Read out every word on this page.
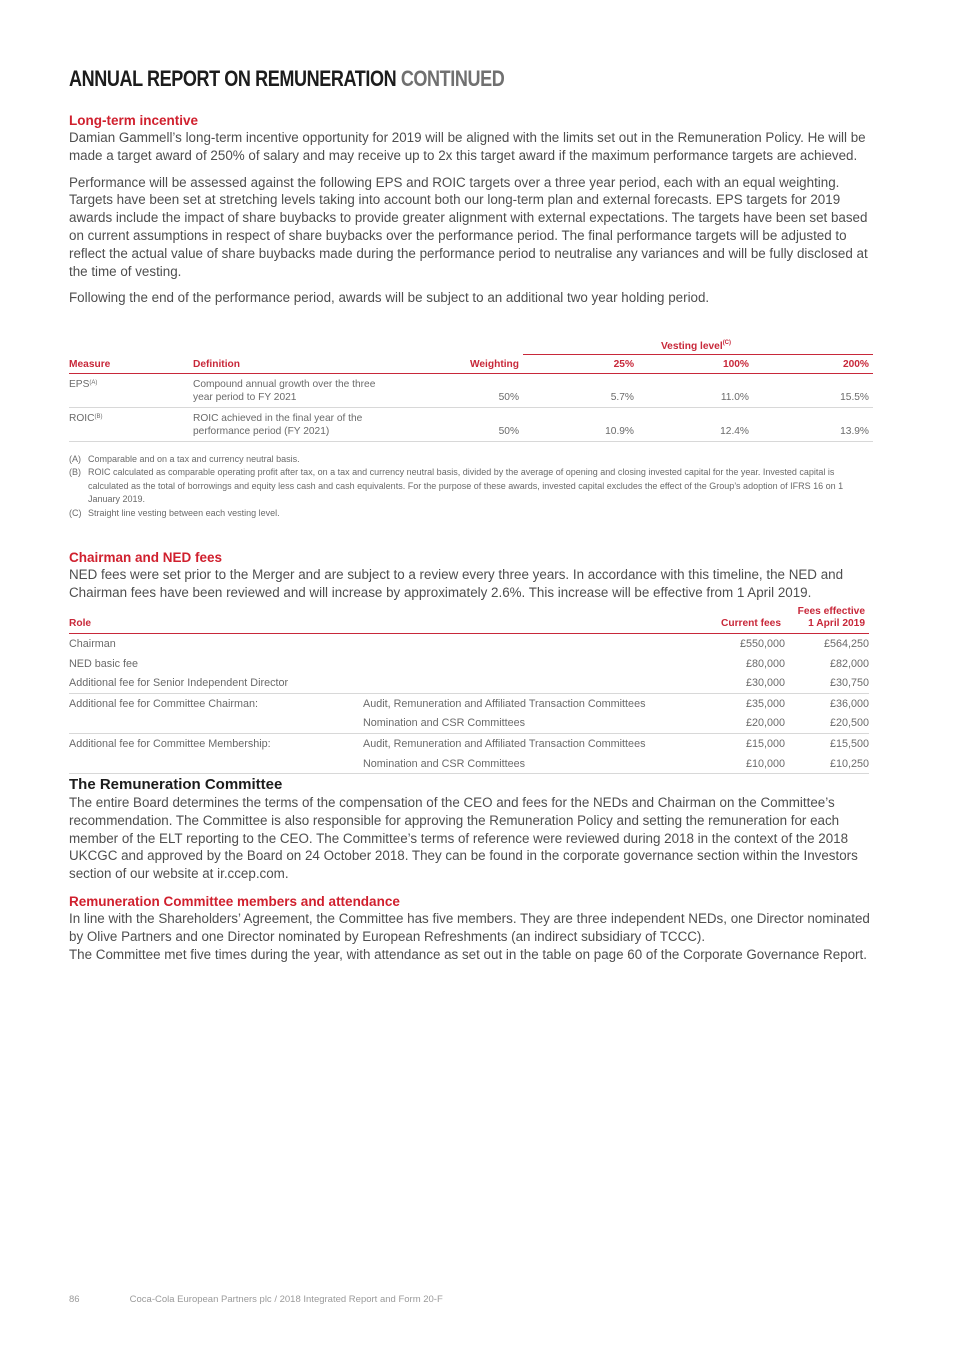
ANNUAL REPORT ON REMUNERATION CONTINUED
Long-term incentive

Damian Gammell’s long-term incentive opportunity for 2019 will be aligned with the limits set out in the Remuneration Policy. He will be made a target award of 250% of salary and may receive up to 2x this target award if the maximum performance targets are achieved.

Performance will be assessed against the following EPS and ROIC targets over a three year period, each with an equal weighting. Targets have been set at stretching levels taking into account both our long-term plan and external forecasts. EPS targets for 2019 awards include the impact of share buybacks to provide greater alignment with external expectations. The targets have been set based on current assumptions in respect of share buybacks over the performance period. The final performance targets will be adjusted to reflect the actual value of share buybacks made during the performance period to neutralise any variances and will be fully disclosed at the time of vesting.

Following the end of the performance period, awards will be subject to an additional two year holding period.

			Vesting level$^{(C)}$
Measure	Definition	Weighting	25%	100%	200%
$EPS^{(A)}$	Compound annual growth over the three
year period to FY 2021	50%	5.7%	11.0%	15.5%
$ROIC^{(B)}$	ROIC achieved in the final year of the
performance period (FY 2021)	50%	10.9%	12.4%	13.9%
(A) Comparable and on a tax and currency neutral basis.
(B) ROIC calculated as comparable operating profit after tax, on a tax and currency neutral basis, divided by the average of opening and closing invested capital for the year. Invested capital is calculated as the total of borrowings and equity less cash and cash equivalents. For the purpose of these awards, invested capital excludes the effect of the Group’s adoption of IFRS 16 on 1 January 2019.
(C) Straight line vesting between each vesting level.
Chairman and NED fees

NED fees were set prior to the Merger and are subject to a review every three years. In accordance with this timeline, the NED and Chairman fees have been reviewed and will increase by approximately 2.6%. This increase will be effective from 1 April 2019.

Role		Current fees	Fees effective
1 April 2019
Chairman		£550,000	£564,250
NED basic fee		£80,000	£82,000
Additional fee for Senior Independent Director		£30,000	£30,750
Additional fee for Committee Chairman:	Audit, Remuneration and Affiliated Transaction Committees	£35,000	£36,000
	Nomination and CSR Committees	£20,000	£20,500
Additional fee for Committee Membership:	Audit, Remuneration and Affiliated Transaction Committees	£15,000	£15,500
	Nomination and CSR Committees	£10,000	£10,250
The Remuneration Committee

The entire Board determines the terms of the compensation of the CEO and fees for the NEDs and Chairman on the Committee’s recommendation. The Committee is also responsible for approving the Remuneration Policy and setting the remuneration for each member of the ELT reporting to the CEO. The Committee’s terms of reference were reviewed during 2018 in the context of the 2018 UKCGC and approved by the Board on 24 October 2018. They can be found in the corporate governance section within the Investors section of our website at ir.ccep.com.

Remuneration Committee members and attendance

In line with the Shareholders’ Agreement, the Committee has five members. They are three independent NEDs, one Director nominated by Olive Partners and one Director nominated by European Refreshments (an indirect subsidiary of TCCC).

The Committee met five times during the year, with attendance as set out in the table on page 60 of the Corporate Governance Report.

86	Coca-Cola European Partners plc / 2018 Integrated Report and Form 20-F
